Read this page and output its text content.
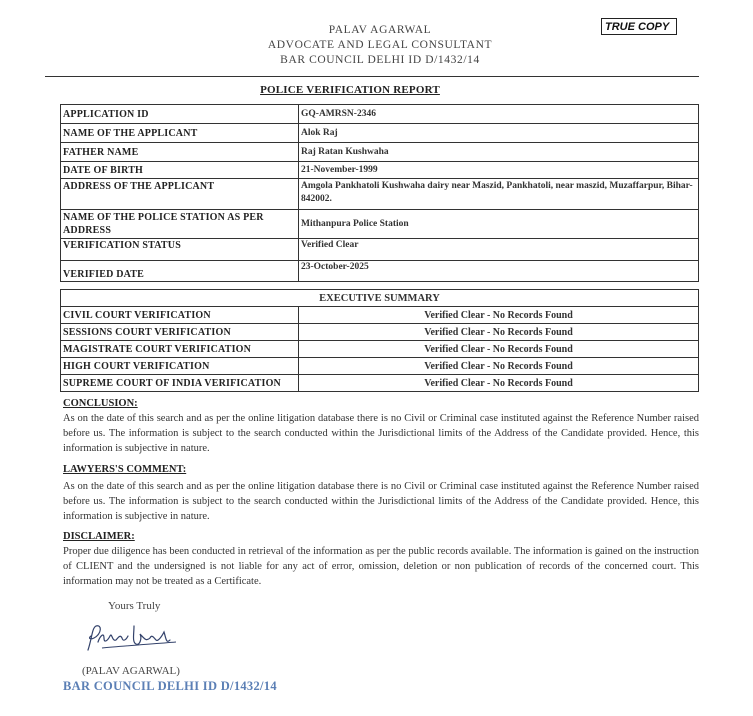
PALAV AGARWAL
ADVOCATE AND LEGAL CONSULTANT
BAR COUNCIL DELHI ID D/1432/14
TRUE COPY
POLICE VERIFICATION REPORT
APPLICATION ID	GQ-AMRSN-2346
NAME OF THE APPLICANT	Alok Raj
FATHER NAME	Raj Ratan Kushwaha
DATE OF BIRTH	21-November-1999
ADDRESS OF THE APPLICANT	Amgola Pankhatoli Kushwaha dairy near Maszid, Pankhatoli, near maszid, Muzaffarpur, Bihar-842002.
NAME OF THE POLICE STATION AS PER ADDRESS	Mithanpura Police Station
VERIFICATION STATUS	Verified Clear
VERIFIED DATE	23-October-2025
EXECUTIVE SUMMARY	
CIVIL COURT VERIFICATION	Verified Clear - No Records Found
SESSIONS COURT VERIFICATION	Verified Clear - No Records Found
MAGISTRATE COURT VERIFICATION	Verified Clear - No Records Found
HIGH COURT VERIFICATION	Verified Clear - No Records Found
SUPREME COURT OF INDIA VERIFICATION	Verified Clear - No Records Found
CONCLUSION:
As on the date of this search and as per the online litigation database there is no Civil or Criminal case instituted against the Reference Number raised before us. The information is subject to the search conducted within the Jurisdictional limits of the Address of the Candidate provided. Hence, this information is subjective in nature.
LAWYERS'S COMMENT:
As on the date of this search and as per the online litigation database there is no Civil or Criminal case instituted against the Reference Number raised before us. The information is subject to the search conducted within the Jurisdictional limits of the Address of the Candidate provided. Hence, this information is subjective in nature.
DISCLAIMER:
Proper due diligence has been conducted in retrieval of the information as per the public records available. The information is gained on the instruction of CLIENT and the undersigned is not liable for any act of error, omission, deletion or non publication of records of the concerned court. This information may not be treated as a Certificate.
Yours Truly
(PALAV AGARWAL)
BAR COUNCIL DELHI ID D/1432/14
